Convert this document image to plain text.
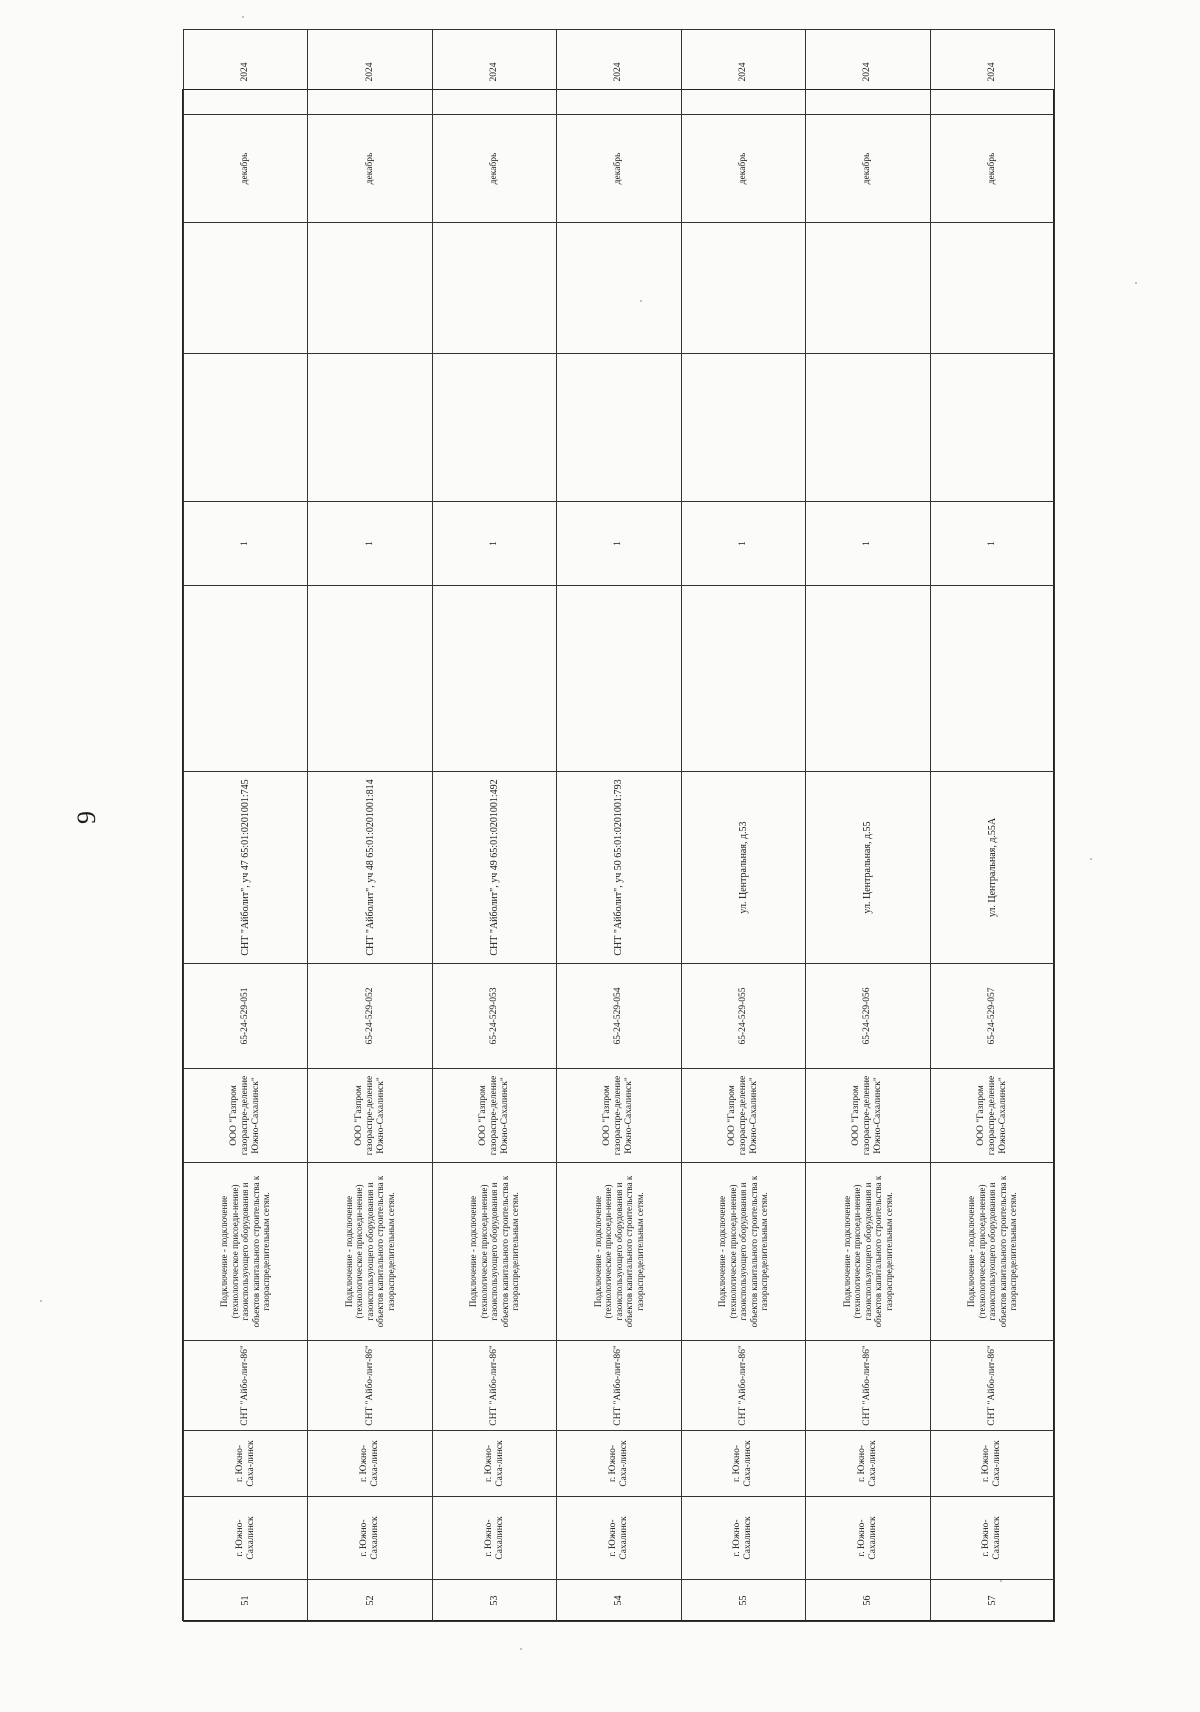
9
51	г. Южно-Сахалинск	г. Южно-Саха-линск	СНТ "Айбо-лит-86"	Подключение - подключение (технологическое присоеди-нение) газоиспользующего оборудования и объектов капитального строительства к газораспределительным сетям.	ООО "Газпром газораспре-деление Южно-Сахалинск"	65-24-529-051	СНТ "Айболит", уч 47 65:01:0201001:745		1			декабрь	2024
52	г. Южно-Сахалинск	г. Южно-Саха-линск	СНТ "Айбо-лит-86"	Подключение - подключение (технологическое присоеди-нение) газоиспользующего оборудования и объектов капитального строительства к газораспределительным сетям.	ООО "Газпром газораспре-деление Южно-Сахалинск"	65-24-529-052	СНТ "Айболит", уч 48 65:01:0201001:814		1			декабрь	2024
53	г. Южно-Сахалинск	г. Южно-Саха-линск	СНТ "Айбо-лит-86"	Подключение - подключение (технологическое присоеди-нение) газоиспользующего оборудования и объектов капитального строительства к газораспределительным сетям.	ООО "Газпром газораспре-деление Южно-Сахалинск"	65-24-529-053	СНТ "Айболит", уч 49 65:01:0201001:492		1			декабрь	2024
54	г. Южно-Сахалинск	г. Южно-Саха-линск	СНТ "Айбо-лит-86"	Подключение - подключение (технологическое присоеди-нение) газоиспользующего оборудования и объектов капитального строительства к газораспределительным сетям.	ООО "Газпром газораспре-деление Южно-Сахалинск"	65-24-529-054	СНТ "Айболит", уч 50 65:01:0201001:793		1			декабрь	2024
55	г. Южно-Сахалинск	г. Южно-Саха-линск	СНТ "Айбо-лит-86"	Подключение - подключение (технологическое присоеди-нение) газоиспользующего оборудования и объектов капитального строительства к газораспределительным сетям.	ООО "Газпром газораспре-деление Южно-Сахалинск"	65-24-529-055	ул. Центральная, д.53		1			декабрь	2024
56	г. Южно-Сахалинск	г. Южно-Саха-линск	СНТ "Айбо-лит-86"	Подключение - подключение (технологическое присоеди-нение) газоиспользующего оборудования и объектов капитального строительства к газораспределительным сетям.	ООО "Газпром газораспре-деление Южно-Сахалинск"	65-24-529-056	ул. Центральная, д.55		1			декабрь	2024
57	г. Южно-Сахалинск	г. Южно-Саха-линск	СНТ "Айбо-лит-86"	Подключение - подключение (технологическое присоеди-нение) газоиспользующего оборудования и объектов капитального строительства к газораспределительным сетям.	ООО "Газпром газораспре-деление Южно-Сахалинск"	65-24-529-057	ул. Центральная, д.55А		1			декабрь	2024
